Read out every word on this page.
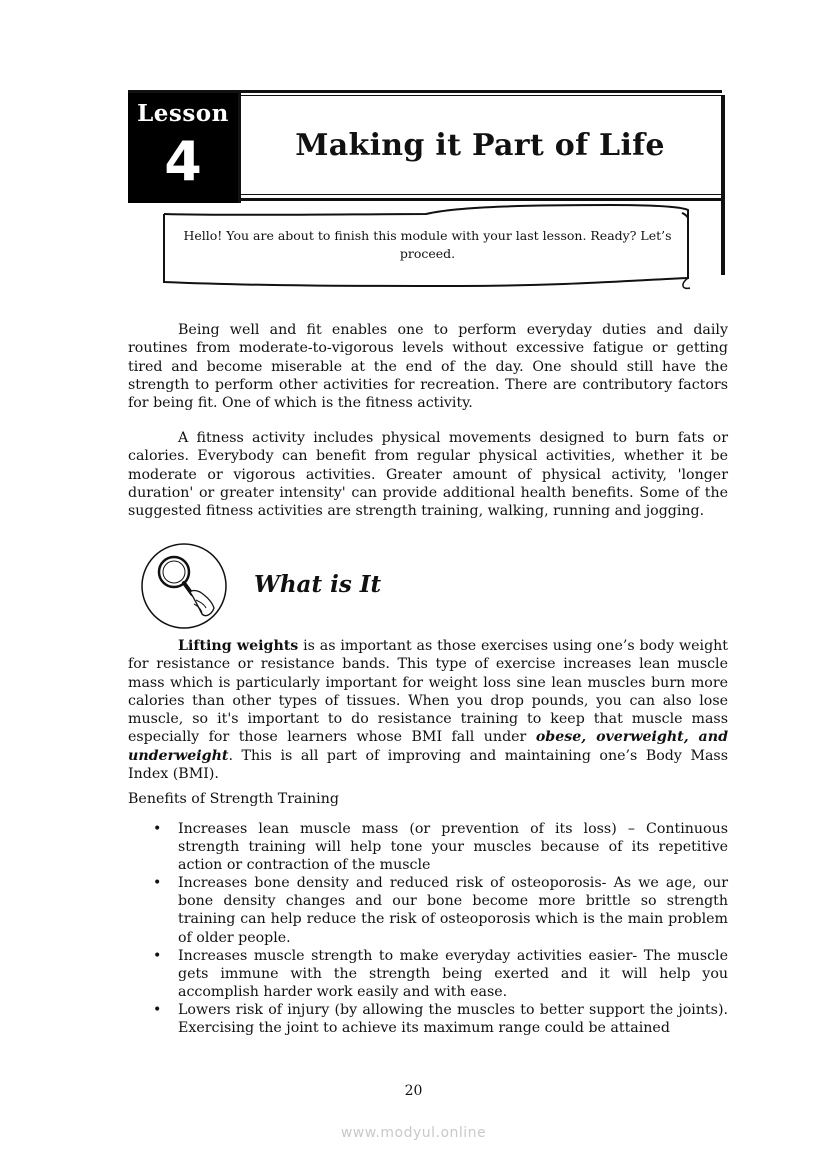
Lesson
4	Making it Part of Life
Hello! You are about to finish this module with your last lesson. Ready? Let’s proceed.

Being well and fit enables one to perform everyday duties and daily routines from moderate-to-vigorous levels without excessive fatigue or getting tired and become miserable at the end of the day. One should still have the strength to perform other activities for recreation. There are contributory factors for being fit. One of which is the fitness activity.

A fitness activity includes physical movements designed to burn fats or calories. Everybody can benefit from regular physical activities, whether it be moderate or vigorous activities. Greater amount of physical activity, 'longer duration' or greater intensity' can provide additional health benefits. Some of the suggested fitness activities are strength training, walking, running and jogging.

What is It

Lifting weights is as important as those exercises using one’s body weight for resistance or resistance bands. This type of exercise increases lean muscle mass which is particularly important for weight loss sine lean muscles burn more calories than other types of tissues. When you drop pounds, you can also lose muscle, so it's important to do resistance training to keep that muscle mass especially for those learners whose BMI fall under obese, overweight, and underweight. This is all part of improving and maintaining one’s Body Mass Index (BMI).

Benefits of Strength Training
• Increases lean muscle mass (or prevention of its loss) – Continuous strength training will help tone your muscles because of its repetitive action or contraction of the muscle
• Increases bone density and reduced risk of osteoporosis- As we age, our bone density changes and our bone become more brittle so strength training can help reduce the risk of osteoporosis which is the main problem of older people.
• Increases muscle strength to make everyday activities easier- The muscle gets immune with the strength being exerted and it will help you accomplish harder work easily and with ease.
• Lowers risk of injury (by allowing the muscles to better support the joints). Exercising the joint to achieve its maximum range could be attained
20
www.modyul.online
